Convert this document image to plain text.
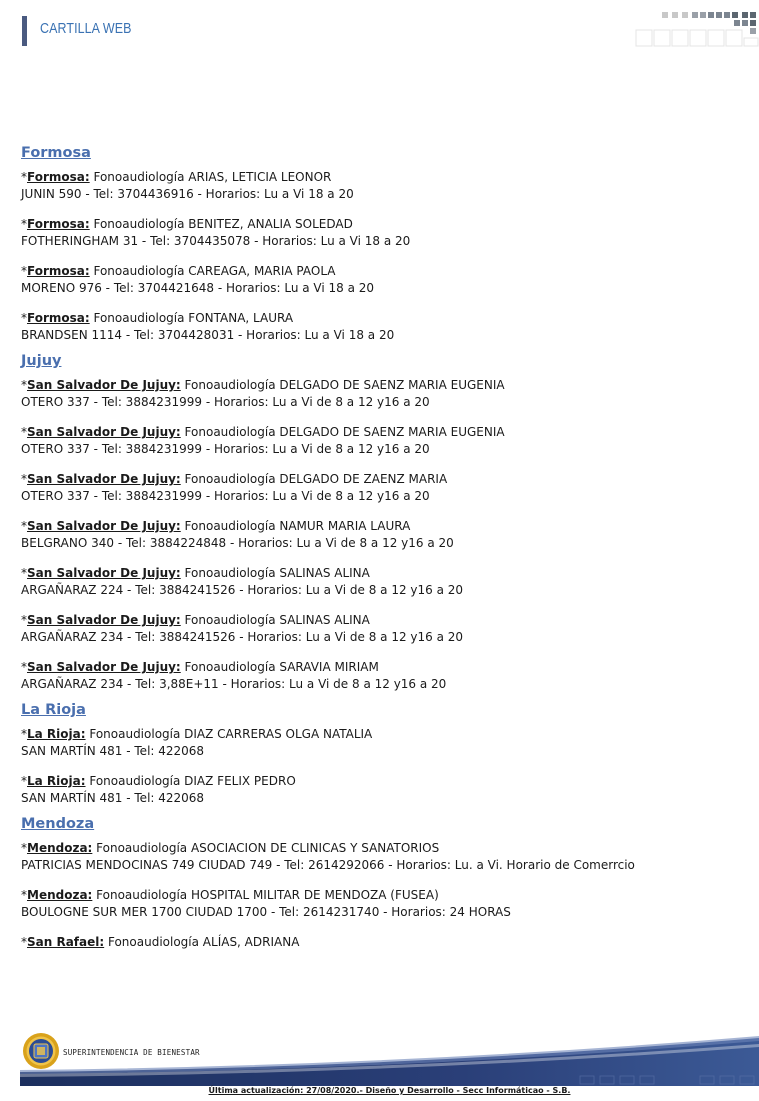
CARTILLA WEB
Formosa
*Formosa: Fonoaudiología ARIAS, LETICIA LEONOR
JUNIN 590 - Tel: 3704436916 - Horarios: Lu a Vi 18 a 20
*Formosa: Fonoaudiología BENITEZ, ANALIA SOLEDAD
FOTHERINGHAM 31 - Tel: 3704435078 - Horarios: Lu a Vi 18 a 20
*Formosa: Fonoaudiología CAREAGA, MARIA PAOLA
MORENO 976 - Tel: 3704421648 - Horarios: Lu a Vi 18 a 20
*Formosa: Fonoaudiología FONTANA, LAURA
BRANDSEN 1114 - Tel: 3704428031 - Horarios: Lu a Vi 18 a 20
Jujuy
*San Salvador De Jujuy: Fonoaudiología DELGADO DE SAENZ MARIA EUGENIA
OTERO 337 - Tel: 3884231999 - Horarios: Lu a Vi de 8 a 12 y16 a 20
*San Salvador De Jujuy: Fonoaudiología DELGADO DE SAENZ MARIA EUGENIA
OTERO 337 - Tel: 3884231999 - Horarios: Lu a Vi de 8 a 12 y16 a 20
*San Salvador De Jujuy: Fonoaudiología DELGADO DE ZAENZ MARIA
OTERO 337 - Tel: 3884231999 - Horarios: Lu a Vi de 8 a 12 y16 a 20
*San Salvador De Jujuy: Fonoaudiología NAMUR MARIA LAURA
BELGRANO 340 - Tel: 3884224848 - Horarios: Lu a Vi de 8 a 12 y16 a 20
*San Salvador De Jujuy: Fonoaudiología SALINAS ALINA
ARGAÑARAZ 224 - Tel: 3884241526 - Horarios: Lu a Vi de 8 a 12 y16 a 20
*San Salvador De Jujuy: Fonoaudiología SALINAS ALINA
ARGAÑARAZ 234 - Tel: 3884241526 - Horarios: Lu a Vi de 8 a 12 y16 a 20
*San Salvador De Jujuy: Fonoaudiología SARAVIA MIRIAM
ARGAÑARAZ 234 - Tel: 3,88E+11 - Horarios: Lu a Vi de 8 a 12 y16 a 20
La Rioja
*La Rioja: Fonoaudiología DIAZ CARRERAS OLGA NATALIA
SAN MARTÍN 481 - Tel: 422068
*La Rioja: Fonoaudiología DIAZ FELIX PEDRO
SAN MARTÍN 481 - Tel: 422068
Mendoza
*Mendoza: Fonoaudiología ASOCIACION DE CLINICAS Y SANATORIOS
PATRICIAS MENDOCINAS 749 CIUDAD 749 - Tel: 2614292066 - Horarios: Lu. a Vi. Horario de Comerrcio
*Mendoza: Fonoaudiología HOSPITAL MILITAR DE MENDOZA (FUSEA)
BOULOGNE SUR MER 1700 CIUDAD 1700 - Tel: 2614231740 - Horarios: 24 HORAS
*San Rafael: Fonoaudiología ALÍAS, ADRIANA
SUPERINTENDENCIA DE BIENESTAR
Última actualización: 27/08/2020.- Diseño y Desarrollo - Secc Informáticao - S.B.
